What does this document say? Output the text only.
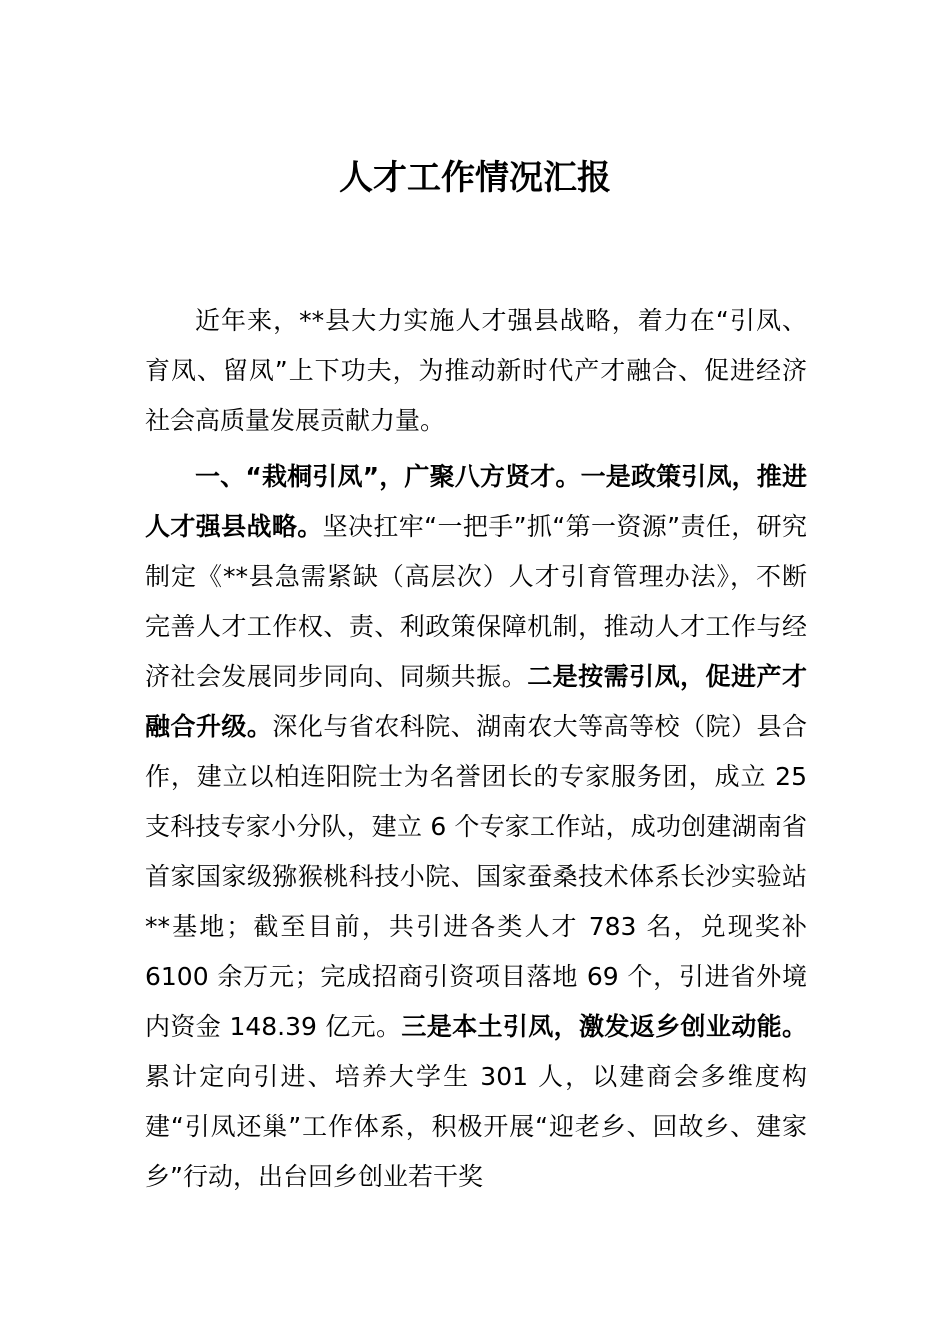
人才工作情况汇报

近年来，**县大力实施人才强县战略，着力在“引凤、育凤、留凤”上下功夫，为推动新时代产才融合、促进经济社会高质量发展贡献力量。

一、“栽桐引凤”，广聚八方贤才。一是政策引凤，推进人才强县战略。坚决扛牢“一把手”抓“第一资源”责任，研究制定《**县急需紧缺（高层次）人才引育管理办法》，不断完善人才工作权、责、利政策保障机制，推动人才工作与经济社会发展同步同向、同频共振。二是按需引凤，促进产才融合升级。深化与省农科院、湖南农大等高等校（院）县合作，建立以柏连阳院士为名誉团长的专家服务团，成立 25 支科技专家小分队，建立 6 个专家工作站，成功创建湖南省首家国家级猕猴桃科技小院、国家蚕桑技术体系长沙实验站**基地；截至目前，共引进各类人才 783 名，兑现奖补 6100 余万元；完成招商引资项目落地 69 个，引进省外境内资金 148.39 亿元。三是本土引凤，激发返乡创业动能。累计定向引进、培养大学生 301 人，以建商会多维度构建“引凤还巢”工作体系，积极开展“迎老乡、回故乡、建家乡”行动，出台回乡创业若干奖
